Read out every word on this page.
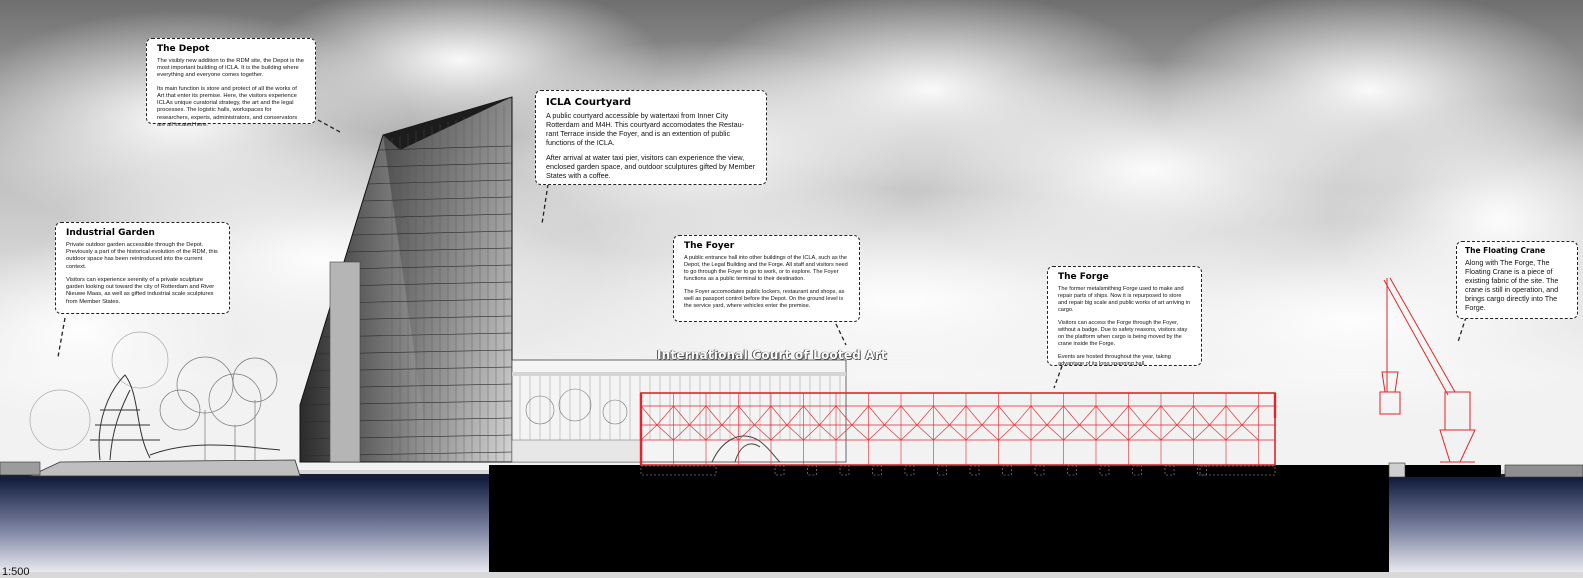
The Depot

The visibly new addition to the RDM site, the Depot is the most important building of ICLA. It is the building where everything and everyone comes together.

Its main function is store and protect of all the works of Art that enter its premise. Here, the visitors experience ICLAs unique curatorial strategy, the art and the legal processes. The logistic halls, workspaces for researchers, experts, administrators, and conservators are all located here.

ICLA Courtyard

A public courtyard accessible by watertaxi from Inner City Rotterdam and M4H. This courtyard accomodates the Restau-rant Terrace inside the Foyer, and is an extention of public functions of the ICLA.

After arrival at water taxi pier, visitors can experience the view, enclosed garden space, and outdoor sculptures gifted by Member States with a coffee.

Industrial Garden

Private outdoor garden accessible through the Depot. Previously a part of the historical evolution of the RDM, this outdoor space has been reintroduced into the current context.

Visitors can experience serenity of a private sculpture garden looking out toward the city of Rotterdam and River Nieuwe Maas, as well as gifted industrial scale sculptures from Member States.

The Foyer

A public entrance hall into other buildings of the ICLA, such as the Depot, the Legal Building and the Forge. All staff and visitors need to go through the Foyer to go to work, or to explore. The Foyer functions as a public terminal to their destination.

The Foyer accomodates public lockers, restaurant and shops, as well as passport control before the Depot. On the ground level is the service yard, where vehicles enter the premise.

The Forge

The former metalsmithing Forge used to make and repair parts of ships. Now it is repurposed to store and repair big scale and public works of art arriving in cargo.

Visitors can access the Forge through the Foyer, without a badge. Due to safety reasons, visitors stay on the platform when cargo is being moved by the crane inside the Forge.

Events are hosted throughout the year, taking advantage of its long spanning hall.

The Floating Crane

Along with The Forge, The Floating Crane is a piece of existing fabric of the site. The crane is still in operation, and brings cargo directly into The Forge.

International Court of Looted Art
1:500
